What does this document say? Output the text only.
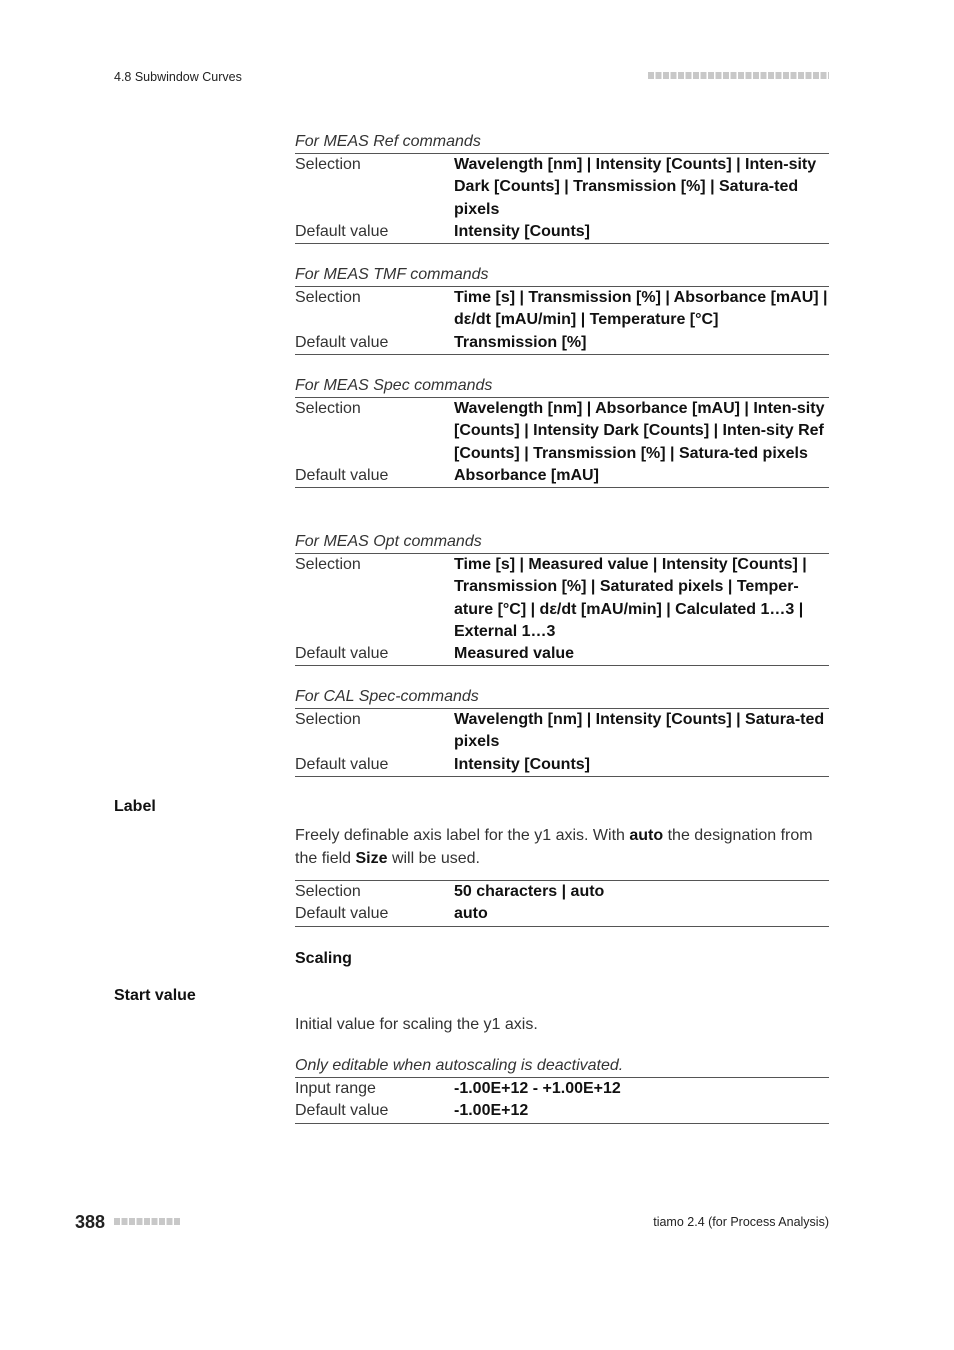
4.8 Subwindow Curves
For MEAS Ref commands
Selection	Wavelength [nm] | Intensity [Counts] | Inten-sity Dark [Counts] | Transmission [%] | Satura-ted pixels
Default value	Intensity [Counts]
For MEAS TMF commands
Selection	Time [s] | Transmission [%] | Absorbance [mAU] | dε/dt [mAU/min] | Temperature [°C]
Default value	Transmission [%]
For MEAS Spec commands
Selection	Wavelength [nm] | Absorbance [mAU] | Inten-sity [Counts] | Intensity Dark [Counts] | Inten-sity Ref [Counts] | Transmission [%] | Satura-ted pixels
Default value	Absorbance [mAU]
For MEAS Opt commands
Selection	Time [s] | Measured value | Intensity [Counts] | Transmission [%] | Saturated pixels | Temper-ature [°C] | dε/dt [mAU/min] | Calculated 1…3 | External 1…3
Default value	Measured value
For CAL Spec-commands
Selection	Wavelength [nm] | Intensity [Counts] | Satura-ted pixels
Default value	Intensity [Counts]
Label
Freely definable axis label for the y1 axis. With auto the designation from the field Size will be used.
Selection	50 characters | auto
Default value	auto
Scaling
Start value
Initial value for scaling the y1 axis.
Only editable when autoscaling is deactivated.
Input range	-1.00E+12 - +1.00E+12
Default value	-1.00E+12
388	tiamo 2.4 (for Process Analysis)
